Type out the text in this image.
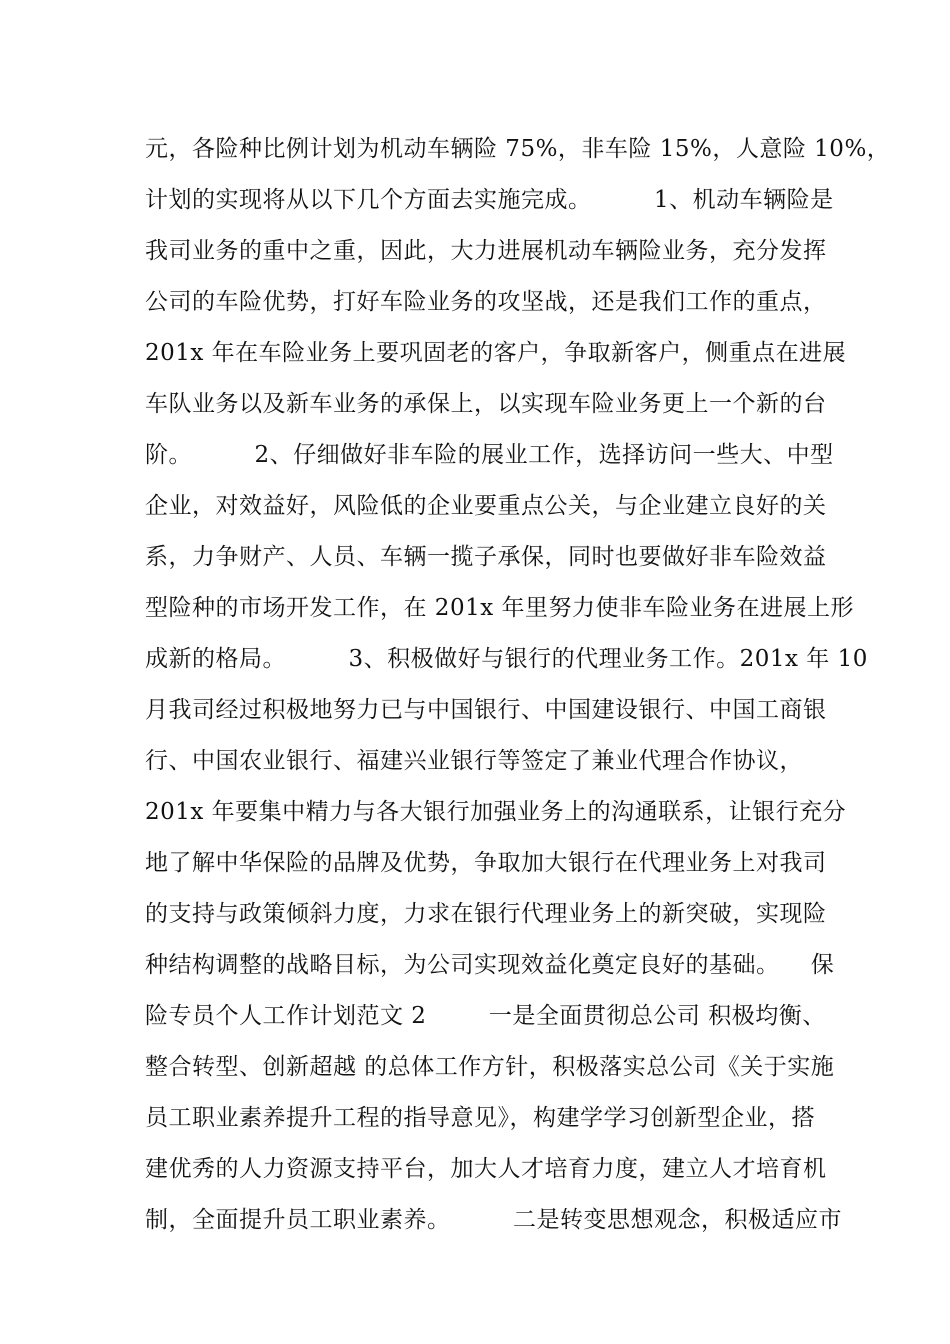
元，各险种比例计划为机动车辆险 75%，非车险 15%，人意险 10%，
计划的实现将从以下几个方面去实施完成。        1、机动车辆险是
我司业务的重中之重，因此，大力进展机动车辆险业务，充分发挥
公司的车险优势，打好车险业务的攻坚战，还是我们工作的重点，
201x 年在车险业务上要巩固老的客户，争取新客户，侧重点在进展
车队业务以及新车业务的承保上，以实现车险业务更上一个新的台
阶。        2、仔细做好非车险的展业工作，选择访问一些大、中型
企业，对效益好，风险低的企业要重点公关，与企业建立良好的关
系，力争财产、人员、车辆一揽子承保，同时也要做好非车险效益
型险种的市场开发工作，在 201x 年里努力使非车险业务在进展上形
成新的格局。        3、积极做好与银行的代理业务工作。201x 年 10
月我司经过积极地努力已与中国银行、中国建设银行、中国工商银
行、中国农业银行、福建兴业银行等签定了兼业代理合作协议，
201x 年要集中精力与各大银行加强业务上的沟通联系，让银行充分
地了解中华保险的品牌及优势，争取加大银行在代理业务上对我司
的支持与政策倾斜力度，力求在银行代理业务上的新突破，实现险
种结构调整的战略目标，为公司实现效益化奠定良好的基础。    保
险专员个人工作计划范文 2        一是全面贯彻总公司 积极均衡、
整合转型、创新超越 的总体工作方针，积极落实总公司《关于实施
员工职业素养提升工程的指导意见》，构建学学习创新型企业，搭
建优秀的人力资源支持平台，加大人才培育力度，建立人才培育机
制，全面提升员工职业素养。        二是转变思想观念，积极适应市
